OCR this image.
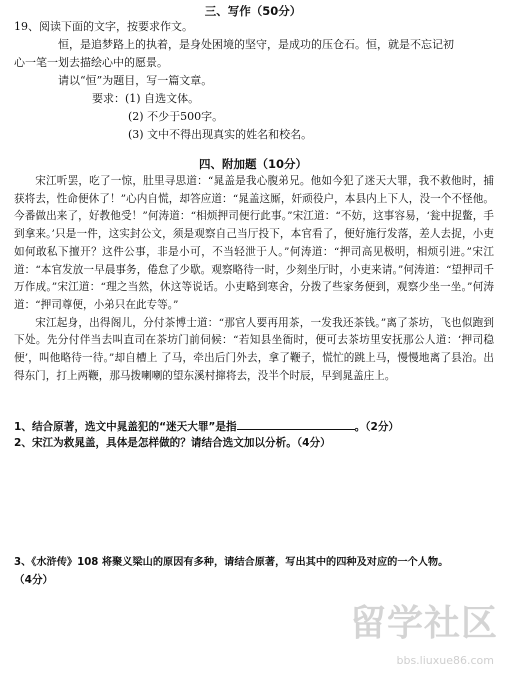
三、写作（50分）
19、阅读下面的文字，按要求作文。
恒，是追梦路上的执着，是身处困境的坚守，是成功的压仓石。恒，就是不忘记初
心一笔一划去描绘心中的愿景。
请以“恒”为题目，写一篇文章。
要求：(1) 自选文体。
(2) 不少于500字。
(3) 文中不得出现真实的姓名和校名。
四、附加题（10分）

宋江听罢，吃了一惊，肚里寻思道：“晁盖是我心腹弟兄。他如今犯了迷天大罪，我不救他时，捕获将去，性命便休了！”心内自慌，却答应道：“晁盖这厮，奸顽役户，本县内上下人，没一个不怪他。今番做出来了，好教他受！”何涛道：“相烦押司便行此事。”宋江道：“不妨，这事容易，‘瓮中捉鳖，手到拿来。’只是一件，这实封公文，须是观察自己当厅投下，本官看了，便好施行发落，差人去捉，小吏如何敢私下擅开？这件公事，非是小可，不当轻泄于人。”何涛道：“押司高见极明，相烦引进。”宋江道：“本官发放一早晨事务，倦怠了少歇。观察略待一时，少刻坐厅时，小吏来请。”何涛道：“望押司千万作成。”宋江道：“理之当然，休这等说话。小吏略到寒舍，分拨了些家务便到，观察少坐一坐。”何涛道：“押司尊便，小弟只在此专等。”

宋江起身，出得阁儿，分付茶博士道：“那官人要再用茶，一发我还茶钱。”离了茶坊，飞也似跑到下处。先分付伴当去叫直司在茶坊门前伺候：“若知县坐衙时，便可去茶坊里安抚那公人道：‘押司稳便’，叫他略待一待。”却自槽上 了马，牵出后门外去，拿了鞭子，慌忙的跳上马，慢慢地离了县治。出得东门，打上两鞭，那马拨喇喇的望东溪村撺将去，没半个时辰，早到晁盖庄上。

1、结合原著，选文中晁盖犯的“迷天大罪”是指	。（2分）
2、宋江为救晁盖，具体是怎样做的？请结合选文加以分析。（4分）
3、《水浒传》108 将聚义梁山的原因有多种，请结合原著，写出其中的四种及对应的一个人物。
（4分）
留学社区
bbs.liuxue86.com
